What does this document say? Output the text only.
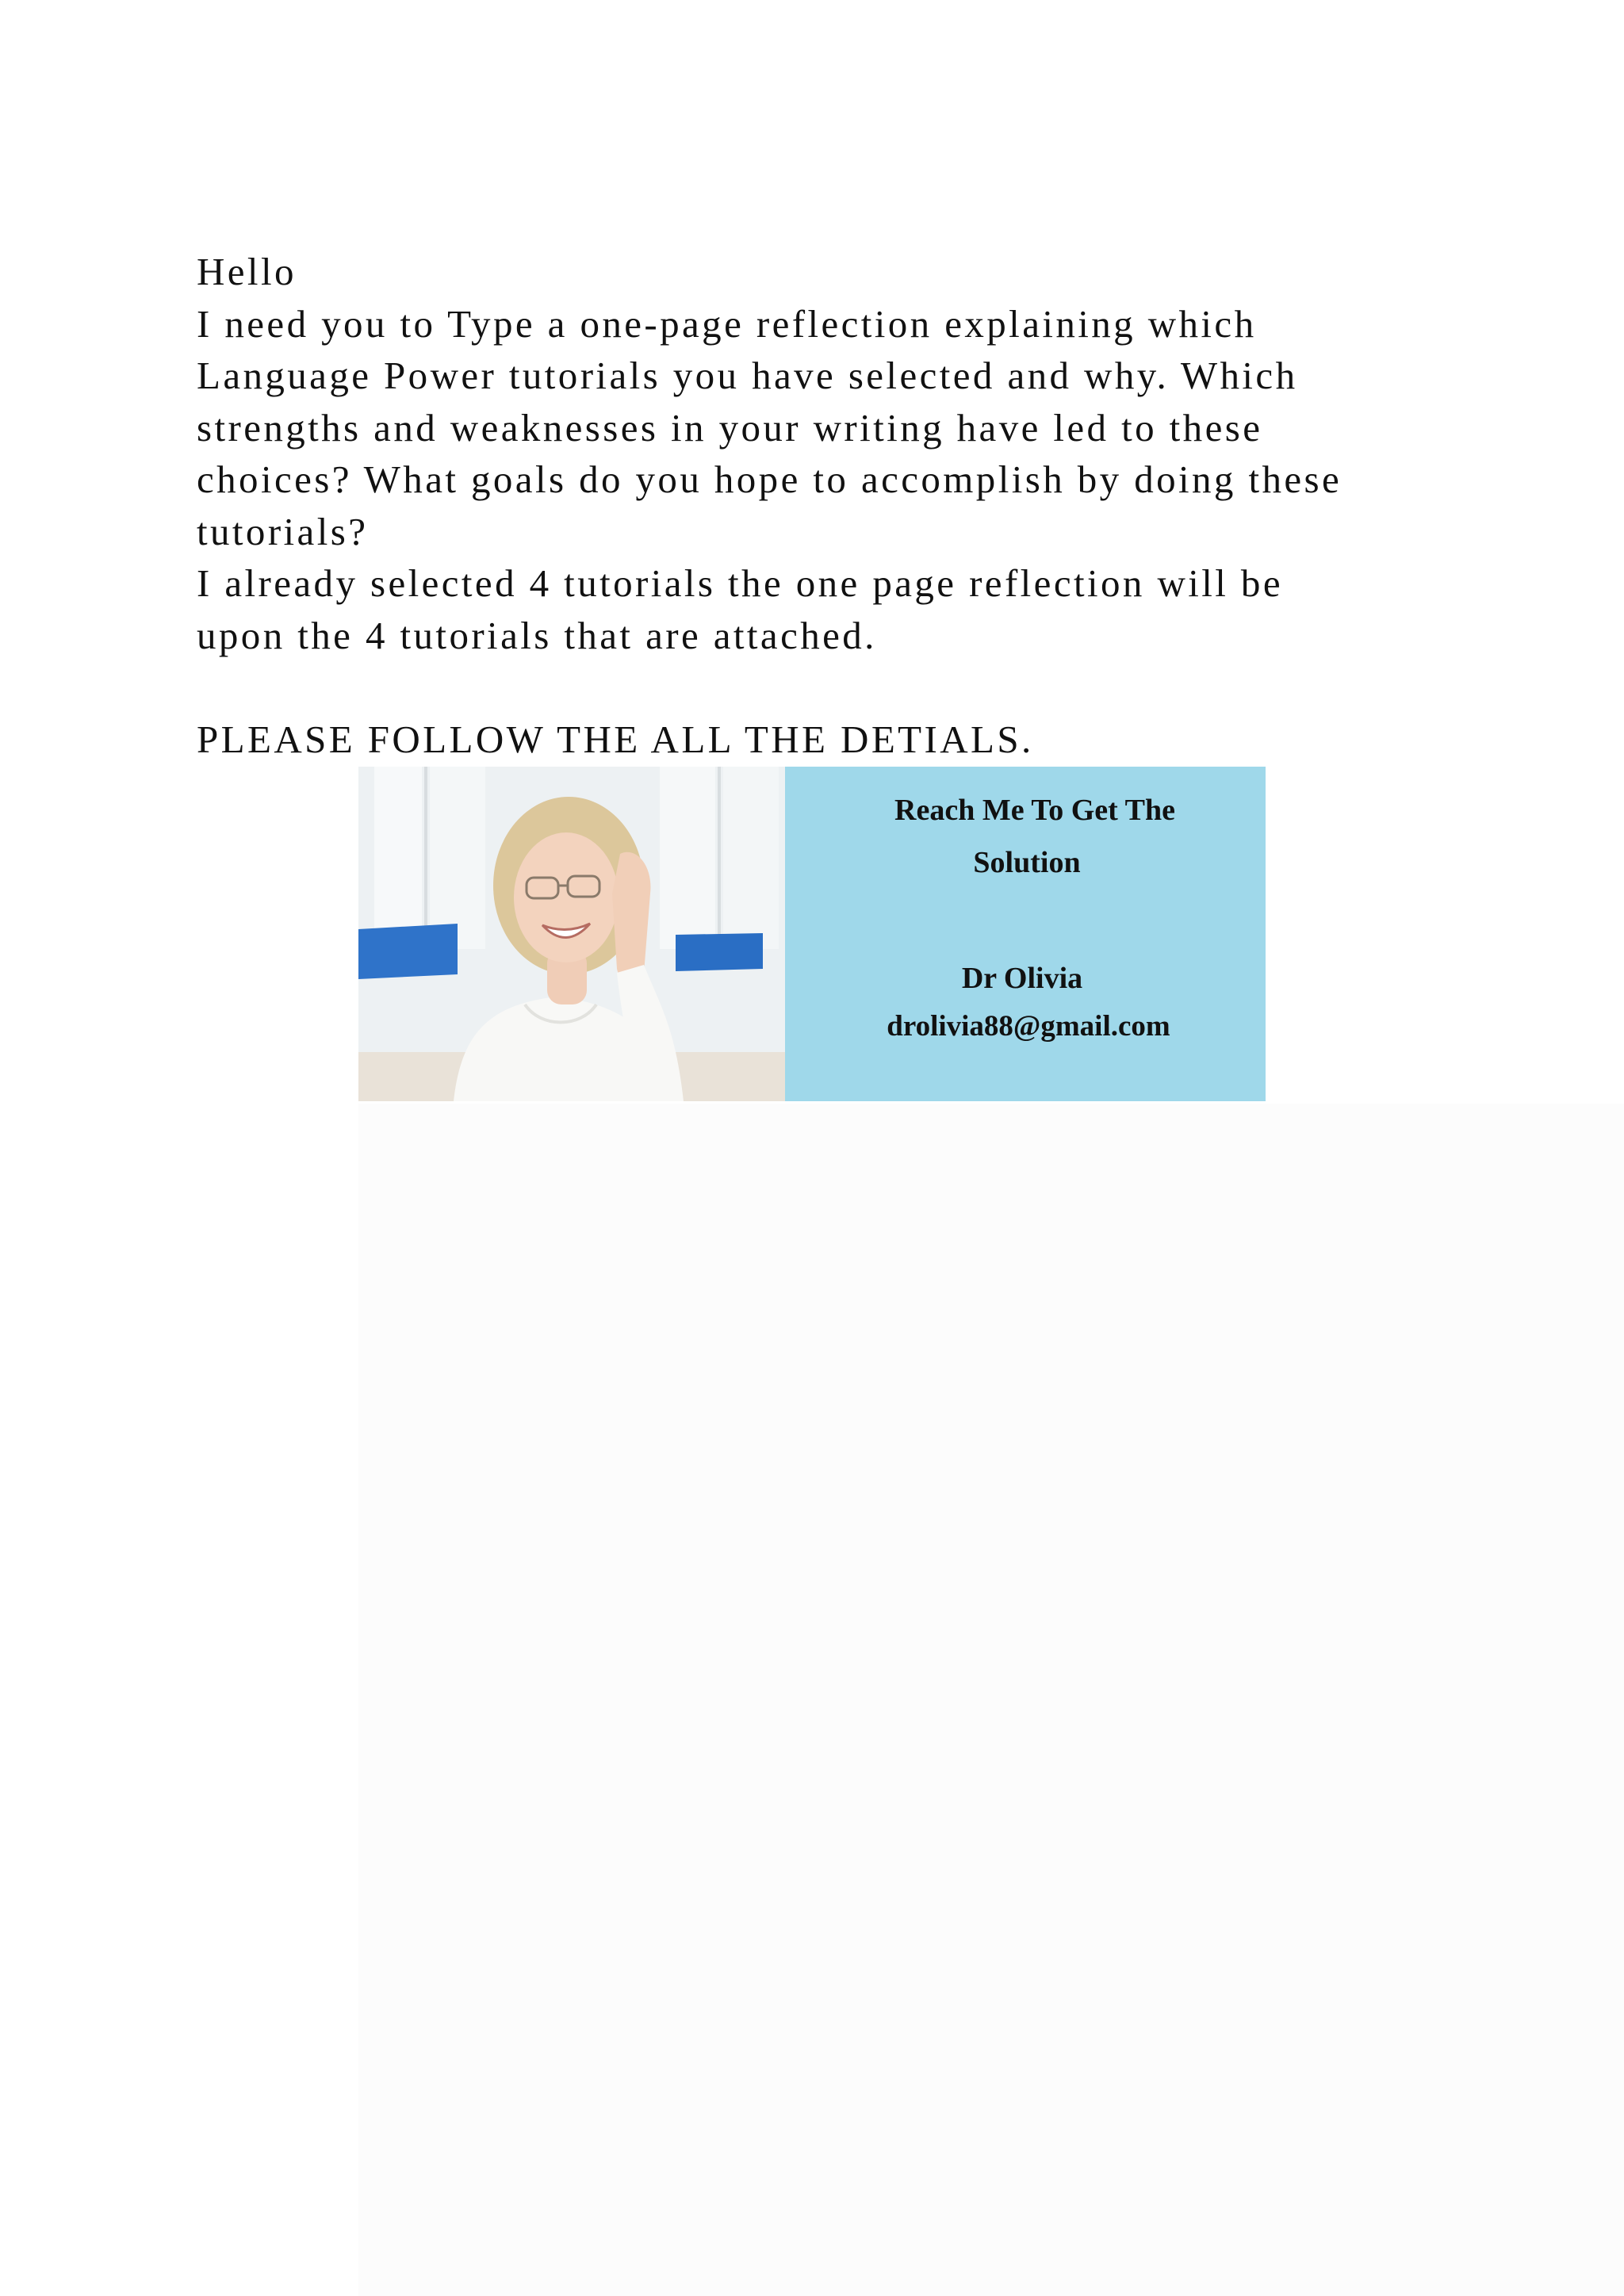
Hello

I need you to Type a one-page reflection explaining which
Language Power tutorials you have selected and why. Which
strengths and weaknesses in your writing have led to these
choices? What goals do you hope to accomplish by doing these
tutorials?

I already selected 4 tutorials the one page reflection will be
upon the 4 tutorials that are attached.

PLEASE FOLLOW THE ALL THE DETIALS.

Reach Me To Get The
Solution
Dr Olivia
drolivia88@gmail.com
